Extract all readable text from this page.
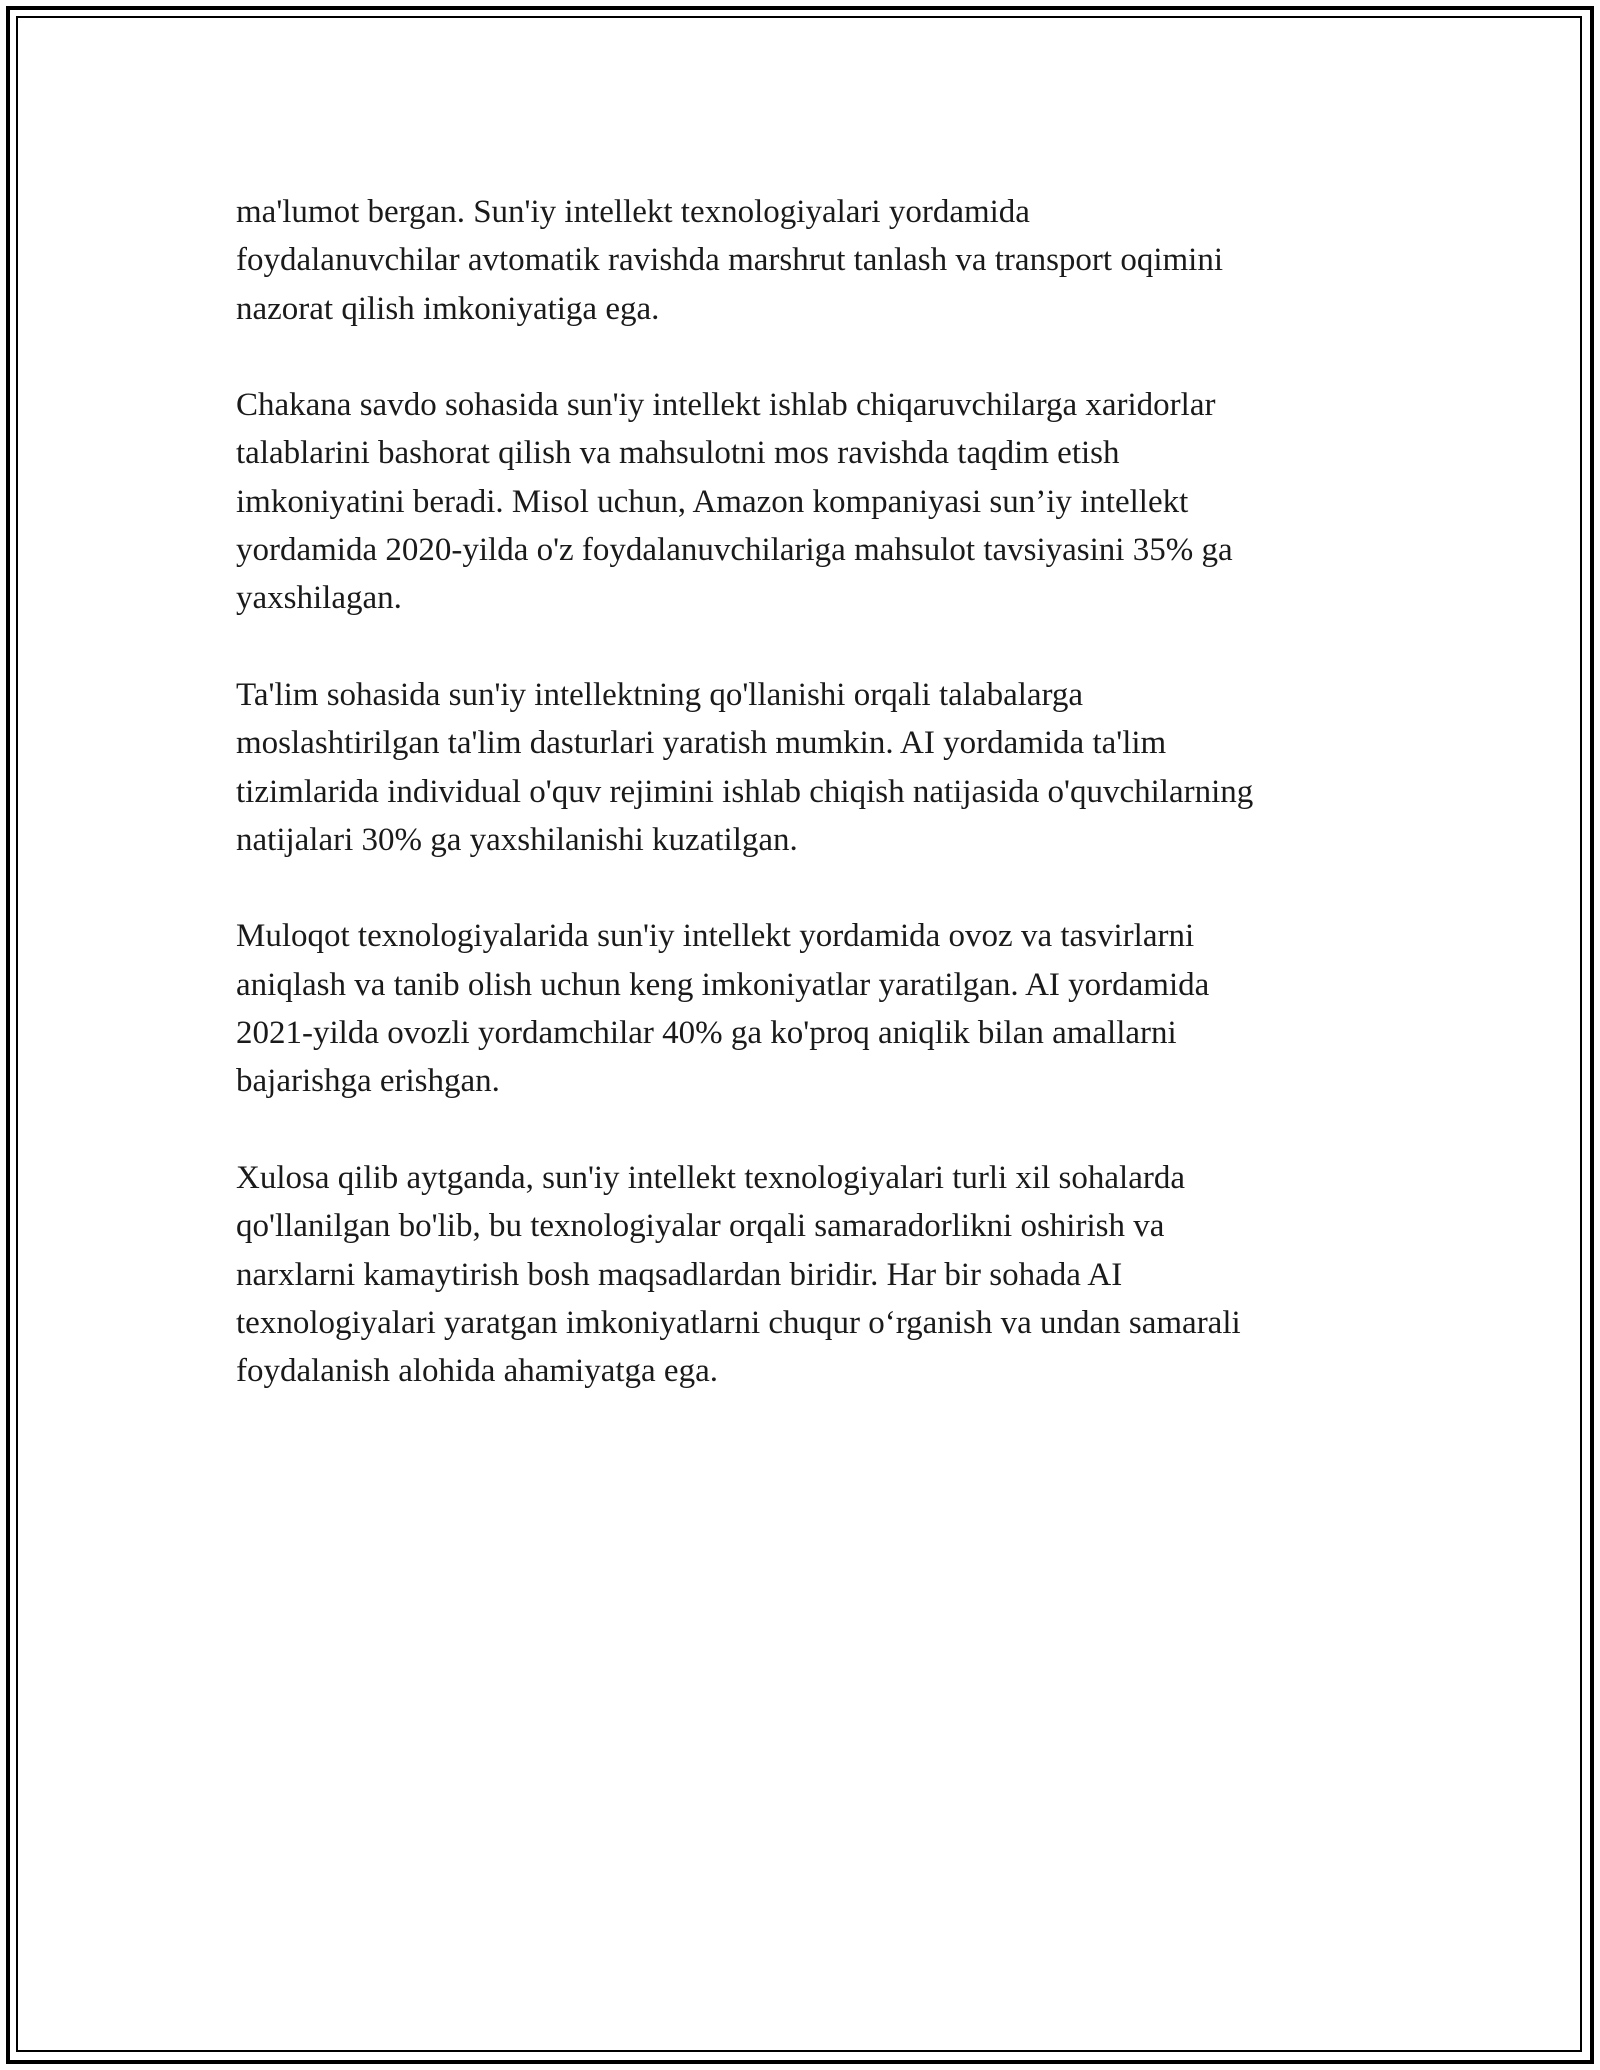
ma'lumot bergan. Sun'iy intellekt texnologiyalari yordamida
foydalanuvchilar avtomatik ravishda marshrut tanlash va transport oqimini
nazorat qilish imkoniyatiga ega.

Chakana savdo sohasida sun'iy intellekt ishlab chiqaruvchilarga xaridorlar
talablarini bashorat qilish va mahsulotni mos ravishda taqdim etish
imkoniyatini beradi. Misol uchun, Amazon kompaniyasi sun’iy intellekt
yordamida 2020-yilda o'z foydalanuvchilariga mahsulot tavsiyasini 35% ga
yaxshilagan.

Ta'lim sohasida sun'iy intellektning qo'llanishi orqali talabalarga
moslashtirilgan ta'lim dasturlari yaratish mumkin. AI yordamida ta'lim
tizimlarida individual o'quv rejimini ishlab chiqish natijasida o'quvchilarning
natijalari 30% ga yaxshilanishi kuzatilgan.

Muloqot texnologiyalarida sun'iy intellekt yordamida ovoz va tasvirlarni
aniqlash va tanib olish uchun keng imkoniyatlar yaratilgan. AI yordamida
2021-yilda ovozli yordamchilar 40% ga ko'proq aniqlik bilan amallarni
bajarishga erishgan.

Xulosa qilib aytganda, sun'iy intellekt texnologiyalari turli xil sohalarda
qo'llanilgan bo'lib, bu texnologiyalar orqali samaradorlikni oshirish va
narxlarni kamaytirish bosh maqsadlardan biridir. Har bir sohada AI
texnologiyalari yaratgan imkoniyatlarni chuqur o‘rganish va undan samarali
foydalanish alohida ahamiyatga ega.
